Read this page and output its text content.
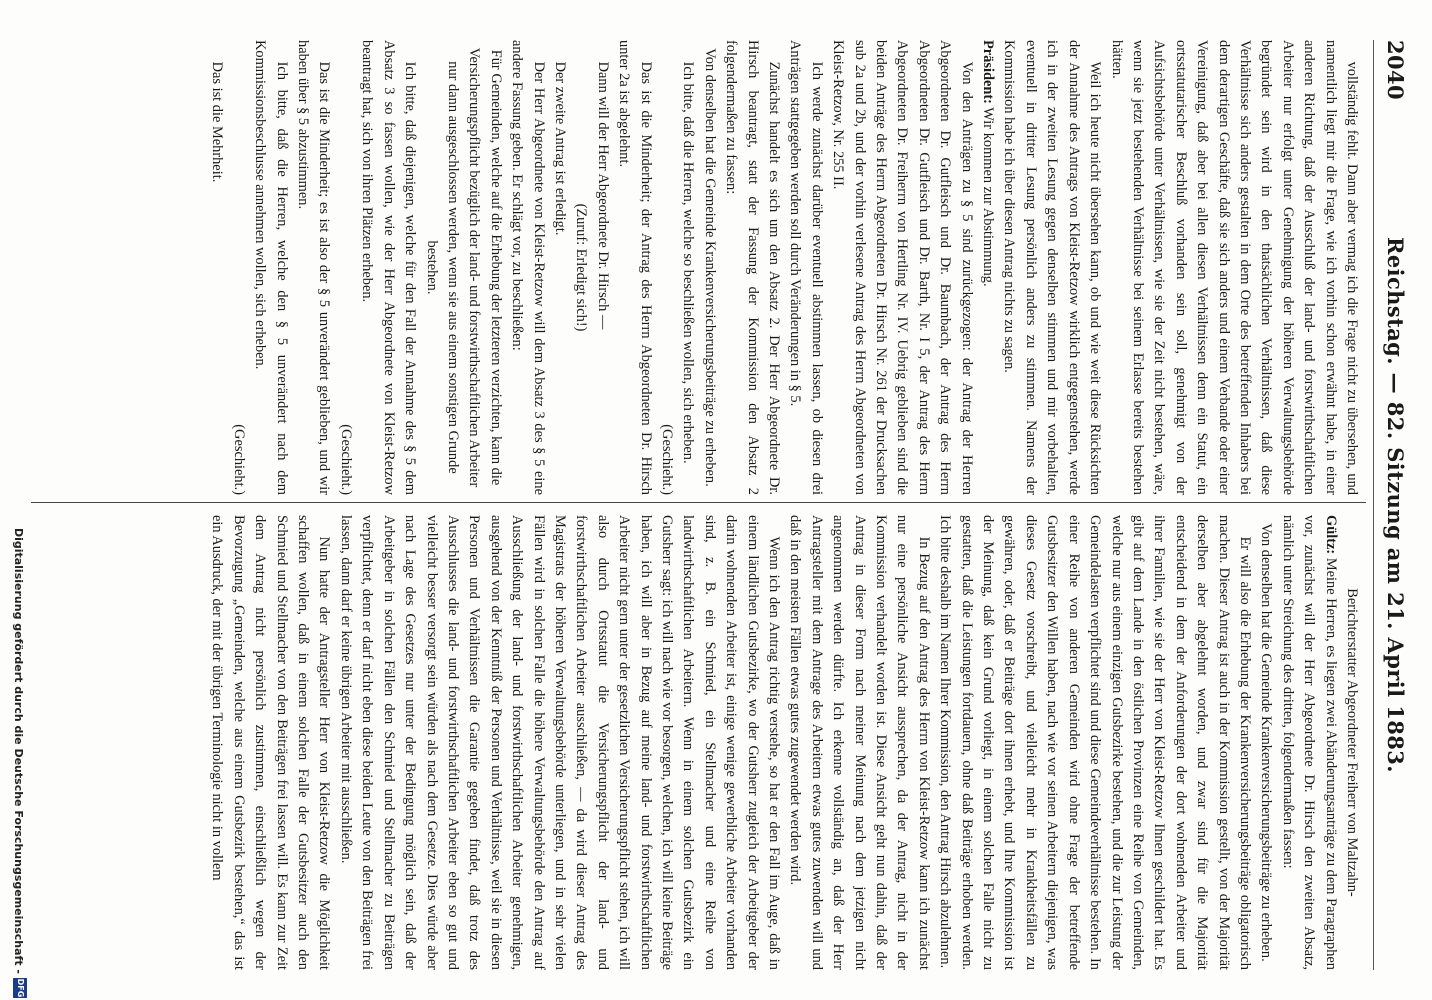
2040
Reichstag. — 82. Sitzung am 21. April 1883.

vollständig fehlt. Dann aber vermag ich die Frage nicht zu übersehen, und namentlich liegt mir die Frage, wie ich vorhin schon erwähnt habe, in einer anderen Richtung, daß der Ausschluß der land- und forstwirthschaftlichen Arbeiter nur erfolgt unter Genehmigung der höheren Verwaltungsbehörde begründet sein wird in den thatsächlichen Verhältnissen, daß diese Verhältnisse sich anders gestalten in dem Orte des betreffenden Inhabers bei dem derartigen Geschäfte, daß sie sich anders und einem Verbande oder einer Vereinigung, daß aber bei allen diesen Verhältnissen denn ein Statut, ein ortsstatutarischer Beschluß vorhanden sein soll, genehmigt von der Aufsichtsbehörde unter Verhältnissen, wie sie der Zeit nicht bestehen, wäre, wenn sie jetzt bestehenden Verhältnisse bei seinem Erlasse bereits bestehen hätten.

Weil ich heute nicht übersehen kann, ob und wie weit diese Rücksichten der Annahme des Antrags von Kleist-Retzow wirklich entgegenstehen, werde ich in der zweiten Lesung gegen denselben stimmen und mir vorbehalten, eventuell in dritter Lesung persönlich anders zu stimmen. Namens der Kommission habe ich über diesen Antrag nichts zu sagen.

Präsident: Wir kommen zur Abstimmung.

Von den Anträgen zu § 5 sind zurückgezogen: der Antrag der Herren Abgeordneten Dr. Gutfleisch und Dr. Baumbach, der Antrag des Herrn Abgeordneten Dr. Gutfleisch und Dr. Barth, Nr. I 5, der Antrag des Herrn Abgeordneten Dr. Freiherrn von Hertling Nr. IV. Uebrig geblieben sind die beiden Anträge des Herrn Abgeordneten Dr. Hirsch Nr. 261 der Drucksachen sub 2a und 2b, und der vorhin verlesene Antrag des Herrn Abgeordneten von Kleist-Retzow, Nr. 255 II.

Ich werde zunächst darüber eventuell abstimmen lassen, ob diesen drei Anträgen stattgegeben werden soll durch Veränderungen in § 5.

Zunächst handelt es sich um den Absatz 2. Der Herr Abgeordnete Dr. Hirsch beantragt, statt der Fassung der Kommission den Absatz 2 folgendermaßen zu fassen:

Von denselben hat die Gemeinde Krankenversicherungsbeiträge zu erheben.

Ich bitte, daß die Herren, welche so beschließen wollen, sich erheben.

(Geschieht.)

Das ist die Minderheit; der Antrag des Herrn Abgeordneten Dr. Hirsch unter 2a ist abgelehnt.

Dann will der Herr Abgeordnete Dr. Hirsch —

(Zuruf: Erledigt sich!)

Der zweite Antrag ist erledigt.

Der Herr Abgeordnete von Kleist-Retzow will dem Absatz 3 des § 5 eine andere Fassung geben. Er schlägt vor, zu beschließen:

Für Gemeinden, welche auf die Erhebung der letzteren verzichten, kann die Versicherungspflicht bezüglich der land- und forstwirthschaftlichen Arbeiter nur dann ausgeschlossen werden, wenn sie aus einem sonstigen Grunde bestehen.

Ich bitte, daß diejenigen, welche für den Fall der Annahme des § 5 dem Absatz 3 so fassen wollen, wie der Herr Abgeordnete von Kleist-Retzow beantragt hat, sich von ihren Plätzen erheben.

(Geschieht.)

Das ist die Minderheit; es ist also der § 5 unverändert geblieben, und wir haben über § 5 abzustimmen.

Ich bitte, daß die Herren, welche den § 5 unverändert nach dem Kommissionsbeschlusse annehmen wollen, sich erheben.

(Geschieht.)

Das ist die Mehrheit.

Berichterstatter Abgeordneter Freiherr von Maltzahn-

Gültz: Meine Herren, es liegen zwei Abänderungsanträge zu dem Paragraphen vor, zunächst will der Herr Abgeordnete Dr. Hirsch den zweiten Absatz, nämlich unter Streichung des dritten, folgendermaßen fassen:

Von denselben hat die Gemeinde Krankenversicherungsbeiträge zu erheben.

Er will also die Erhebung der Krankenversicherungsbeiträge obligatorisch machen. Dieser Antrag ist auch in der Kommission gestellt, von der Majorität derselben aber abgelehnt worden, und zwar sind für die Majorität entscheidend in dem der Anforderungen der dort wohnenden Arbeiter und ihrer Familien, wie sie der Herr von Kleist-Retzow Ihnen geschildert hat. Es gibt auf dem Lande in den östlichen Provinzen eine Reihe von Gemeinden, welche nur aus einem einzigen Gutsbezirke bestehen, und die zur Leistung der Gemeindelasten verpflichtet sind und diese Gemeindeverhältnisse bestehen. In einer Reihe von anderen Gemeinden wird ohne Frage der betreffende Gutsbesitzer den Willen haben, nach wie vor seinen Arbeitern diejenigen, was dieses Gesetz vorschreibt, und vielleicht mehr in Krankheitsfällen zu gewähren, oder, daß er Beiträge dort ihnen erhebt, und Ihre Kommission ist der Meinung, daß kein Grund vorliegt, in einem solchen Falle nicht zu gestatten, daß die Leistungen fortdauern, ohne daß Beiträge erhoben werden. Ich bitte deshalb im Namen Ihrer Kommission, den Antrag Hirsch abzulehnen.

In Bezug auf den Antrag des Herrn von Kleist-Retzow kann ich zunächst nur eine persönliche Ansicht aussprechen, da der Antrag, nicht in der Kommission verhandelt worden ist. Diese Ansicht geht nun dahin, daß der Antrag in dieser Form nach meiner Meinung nach dem jetzigen nicht angenommen werden dürfte. Ich erkenne vollständig an, daß der Herr Antragsteller mit dem Antrage des Arbeitern etwas gutes zuwenden will und daß in den meisten Fällen etwas gutes zugewendet werden wird.

Wenn ich den Antrag richtig verstehe, so hat er den Fall im Auge, daß in einem ländlichen Gutsbezirke, wo der Gutsherr zugleich der Arbeitgeber der darin wohnenden Arbeiter ist, einige wenige gewerbliche Arbeiter vorhanden sind, z. B. ein Schmied, ein Stellmacher und eine Reihe von landwirthschaftlichen Arbeitern. Wenn in einem solchen Gutsbezirk ein Gutsherr sagt: ich will nach wie vor besorgen, welchen, ich will keine Beiträge haben, ich will aber in Bezug auf meine land- und forstwirthschaftlichen Arbeiter nicht gern unter der gesetzlichen Versicherungspflicht stehen, ich will also durch Ortsstatut die Versicherungspflicht der land- und forstwirthschaftlichen Arbeiter ausschließen, — da wird dieser Antrag des Magistrats der höheren Verwaltungsbehörde unterliegen, und in sehr vielen Fällen wird in solchen Falle die höhere Verwaltungsbehörde den Antrag auf Ausschließung der land- und forstwirthschaftlichen Arbeiter genehmigen, ausgehend von der Kenntniß der Personen und Verhältnisse, weil sie in diesen Personen und Verhältnissen die Garantie gegeben findet, daß trotz des Ausschlusses die land- und forstwirthschaftlichen Arbeiter eben so gut und vielleicht besser versorgt sein würden als nach dem Gesetze. Dies würde aber nach Lage des Gesetzes nur unter der Bedingung möglich sein, daß der Arbeitgeber in solchen Fällen den Schmied und Stellmacher zu Beiträgen verpflichtet, denn er darf nicht eben diese beiden Leute von den Beiträgen frei lassen, dann darf er keine übrigen Arbeiter mit ausschließen.

Nun hatte der Antragsteller Herr von Kleist-Retzow die Möglichkeit schaffen wollen, daß in einem solchen Falle der Gutsbesitzer auch den Schmied und Stellmacher von den Beiträgen frei lassen will. Es kann zur Zeit dem Antrag nicht persönlich zustimmen, einschließlich wegen der Bevorzugung „Gemeinden, welche aus einem Gutsbezirk bestehen,“ das ist ein Ausdruck, der mit der übrigen Terminologie nicht in vollem

Digitalisierung gefördert durch die Deutsche Forschungsgemeinschaft -
DFG
